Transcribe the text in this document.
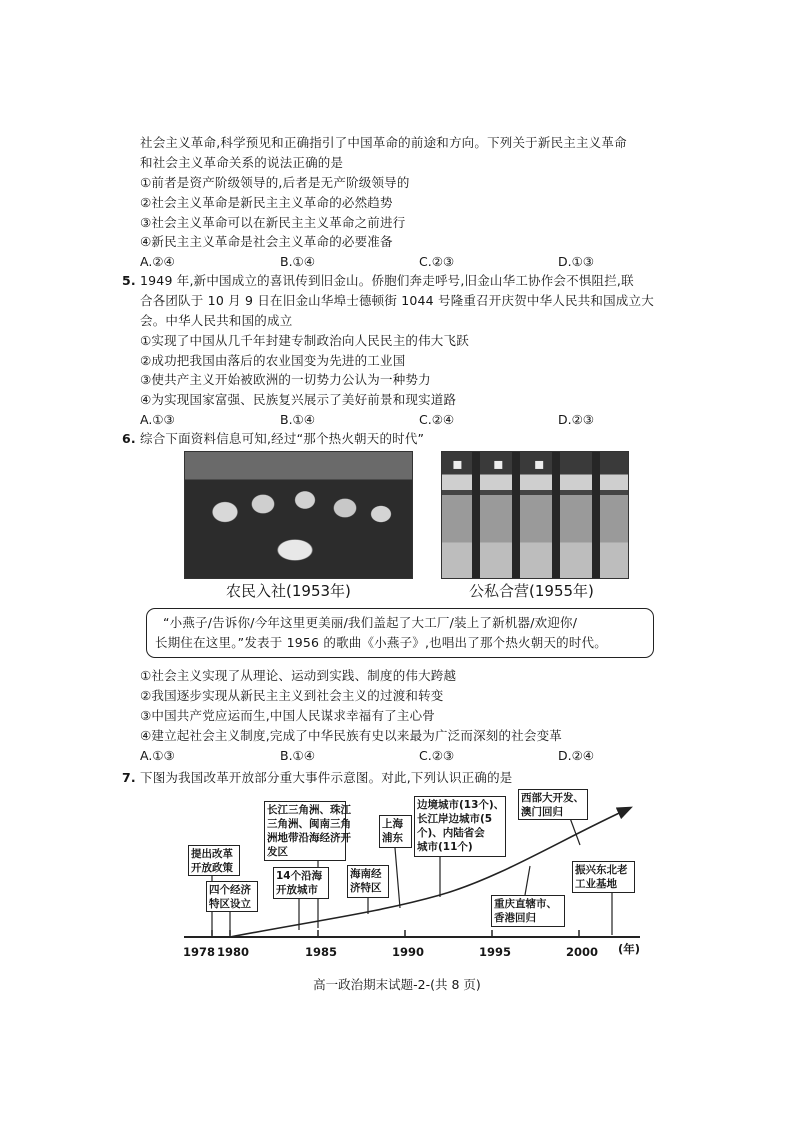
社会主义革命,科学预见和正确指引了中国革命的前途和方向。下列关于新民主主义革命
和社会主义革命关系的说法正确的是
①前者是资产阶级领导的,后者是无产阶级领导的
②社会主义革命是新民主主义革命的必然趋势
③社会主义革命可以在新民主主义革命之前进行
④新民主主义革命是社会主义革命的必要准备
A.②④	B.①④	C.②③	D.①③
5. 1949 年,新中国成立的喜讯传到旧金山。侨胞们奔走呼号,旧金山华工协作会不惧阻拦,联
合各团队于 10 月 9 日在旧金山华埠士德顿街 1044 号隆重召开庆贺中华人民共和国成立大
会。中华人民共和国的成立
①实现了中国从几千年封建专制政治向人民民主的伟大飞跃
②成功把我国由落后的农业国变为先进的工业国
③使共产主义开始被欧洲的一切势力公认为一种势力
④为实现国家富强、民族复兴展示了美好前景和现实道路
A.①③	B.①④	C.②④	D.②③
6. 综合下面资料信息可知,经过“那个热火朝天的时代”
▪▪▪
农民入社(1953年)	公私合营(1955年)
“小燕子/告诉你/今年这里更美丽/我们盖起了大工厂/装上了新机器/欢迎你/
长期住在这里。”发表于 1956 的歌曲《小燕子》,也唱出了那个热火朝天的时代。
①社会主义实现了从理论、运动到实践、制度的伟大跨越
②我国逐步实现从新民主主义到社会主义的过渡和转变
③中国共产党应运而生,中国人民谋求幸福有了主心骨
④建立起社会主义制度,完成了中华民族有史以来最为广泛而深刻的社会变革
A.①③	B.①④	C.②③	D.②④
7. 下图为我国改革开放部分重大事件示意图。对此,下列认识正确的是
提出改革
开放政策
四个经济
特区设立
14个沿海
开放城市
长江三角洲、珠江
三角洲、闽南三角
洲地带沿海经济开
发区
海南经
济特区
上海
浦东
边境城市(13个)、
长江岸边城市(5
个)、内陆省会
城市(11个)
重庆直辖市、
香港回归
西部大开发、
澳门回归
振兴东北老
工业基地
1978 1980	1985	1990	1995	2000 (年)
高一政治期末试题-2-(共 8 页)
